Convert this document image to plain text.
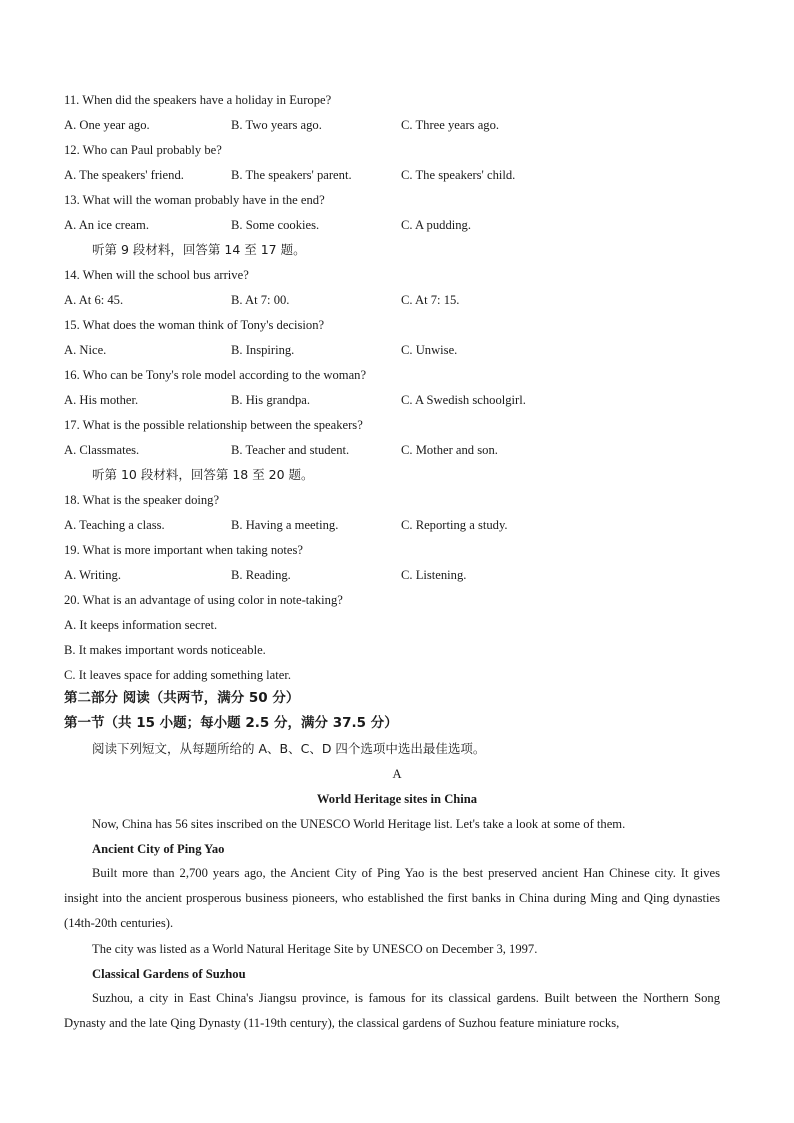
11. When did the speakers have a holiday in Europe?
A. One year ago.	B. Two years ago.	C. Three years ago.
12. Who can Paul probably be?
A. The speakers' friend.	B. The speakers' parent.	C. The speakers' child.
13. What will the woman probably have in the end?
A. An ice cream.	B. Some cookies.	C. A pudding.
听第 9 段材料，回答第 14 至 17 题。
14. When will the school bus arrive?
A. At 6: 45.	B. At 7: 00.	C. At 7: 15.
15. What does the woman think of Tony's decision?
A. Nice.	B. Inspiring.	C. Unwise.
16. Who can be Tony's role model according to the woman?
A. His mother.	B. His grandpa.	C. A Swedish schoolgirl.
17. What is the possible relationship between the speakers?
A. Classmates.	B. Teacher and student.	C. Mother and son.
听第 10 段材料，回答第 18 至 20 题。
18. What is the speaker doing?
A. Teaching a class.	B. Having a meeting.	C. Reporting a study.
19. What is more important when taking notes?
A. Writing.	B. Reading.	C. Listening.
20. What is an advantage of using color in note-taking?
A. It keeps information secret.
B. It makes important words noticeable.
C. It leaves space for adding something later.
第二部分 阅读（共两节，满分 50 分）
第一节（共 15 小题；每小题 2.5 分，满分 37.5 分）
阅读下列短文，从每题所给的 A、B、C、D 四个选项中选出最佳选项。
A
World Heritage sites in China
Now, China has 56 sites inscribed on the UNESCO World Heritage list. Let's take a look at some of them.
Ancient City of Ping Yao
Built more than 2,700 years ago, the Ancient City of Ping Yao is the best preserved ancient Han Chinese city. It gives insight into the ancient prosperous business pioneers, who established the first banks in China during Ming and Qing dynasties (14th-20th centuries).
The city was listed as a World Natural Heritage Site by UNESCO on December 3, 1997.
Classical Gardens of Suzhou
Suzhou, a city in East China's Jiangsu province, is famous for its classical gardens. Built between the Northern Song Dynasty and the late Qing Dynasty (11-19th century), the classical gardens of Suzhou feature miniature rocks,
